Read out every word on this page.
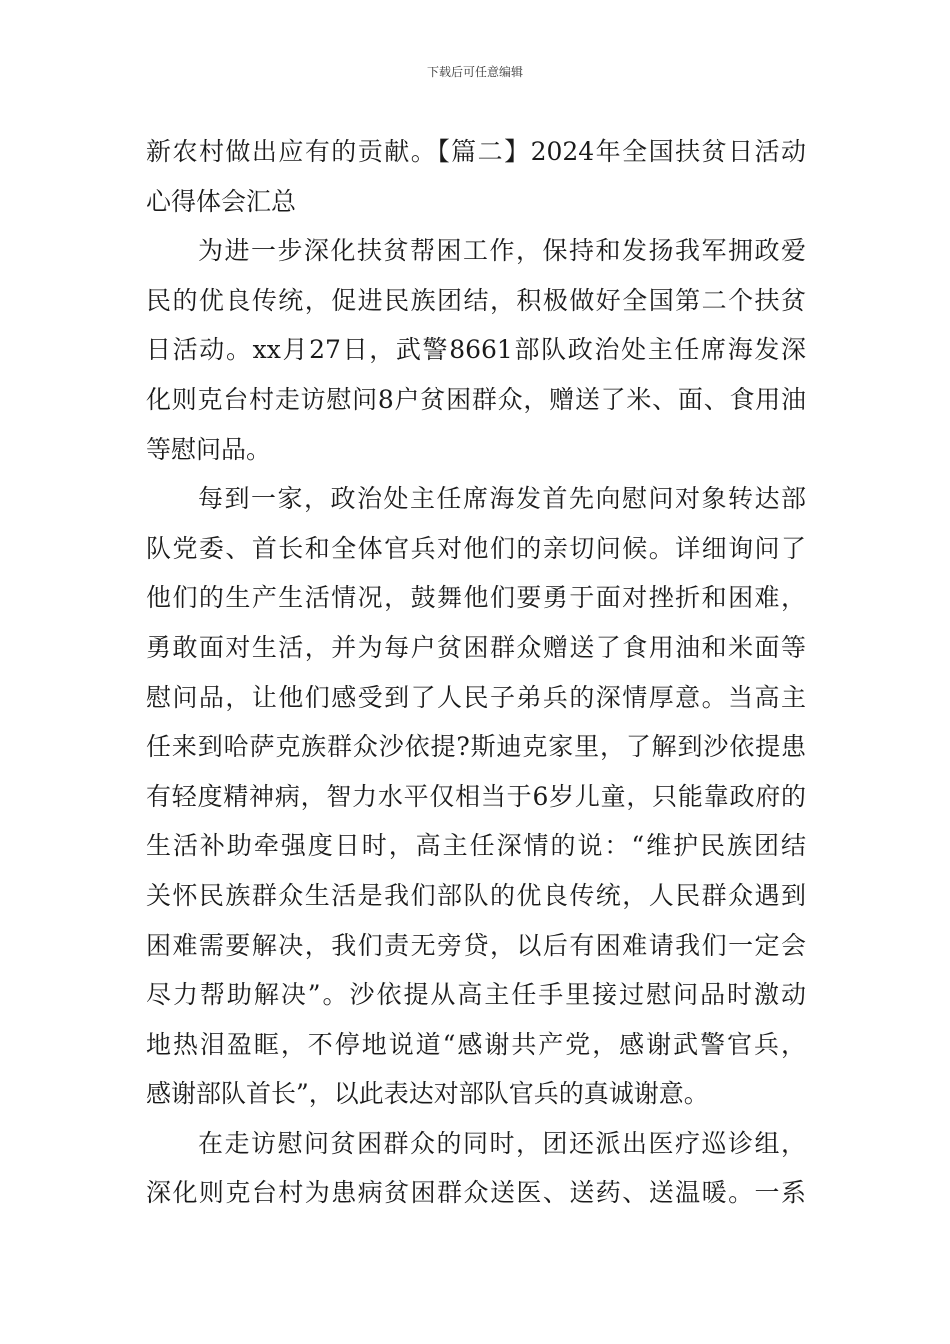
下载后可任意编辑
新农村做出应有的贡献。【篇二】2024年全国扶贫日活动
心得体会汇总
为进一步深化扶贫帮困工作，保持和发扬我军拥政爱
民的优良传统，促进民族团结，积极做好全国第二个扶贫
日活动。xx月27日，武警8661部队政治处主任席海发深
化则克台村走访慰问8户贫困群众，赠送了米、面、食用油
等慰问品。
每到一家，政治处主任席海发首先向慰问对象转达部
队党委、首长和全体官兵对他们的亲切问候。详细询问了
他们的生产生活情况，鼓舞他们要勇于面对挫折和困难，
勇敢面对生活，并为每户贫困群众赠送了食用油和米面等
慰问品，让他们感受到了人民子弟兵的深情厚意。当高主
任来到哈萨克族群众沙依提?斯迪克家里，了解到沙依提患
有轻度精神病，智力水平仅相当于6岁儿童，只能靠政府的
生活补助牵强度日时，高主任深情的说：“维护民族团结
关怀民族群众生活是我们部队的优良传统，人民群众遇到
困难需要解决，我们责无旁贷，以后有困难请我们一定会
尽力帮助解决”。沙依提从高主任手里接过慰问品时激动
地热泪盈眶，不停地说道“感谢共产党，感谢武警官兵，
感谢部队首长”，以此表达对部队官兵的真诚谢意。
在走访慰问贫困群众的同时，团还派出医疗巡诊组，
深化则克台村为患病贫困群众送医、送药、送温暖。一系
